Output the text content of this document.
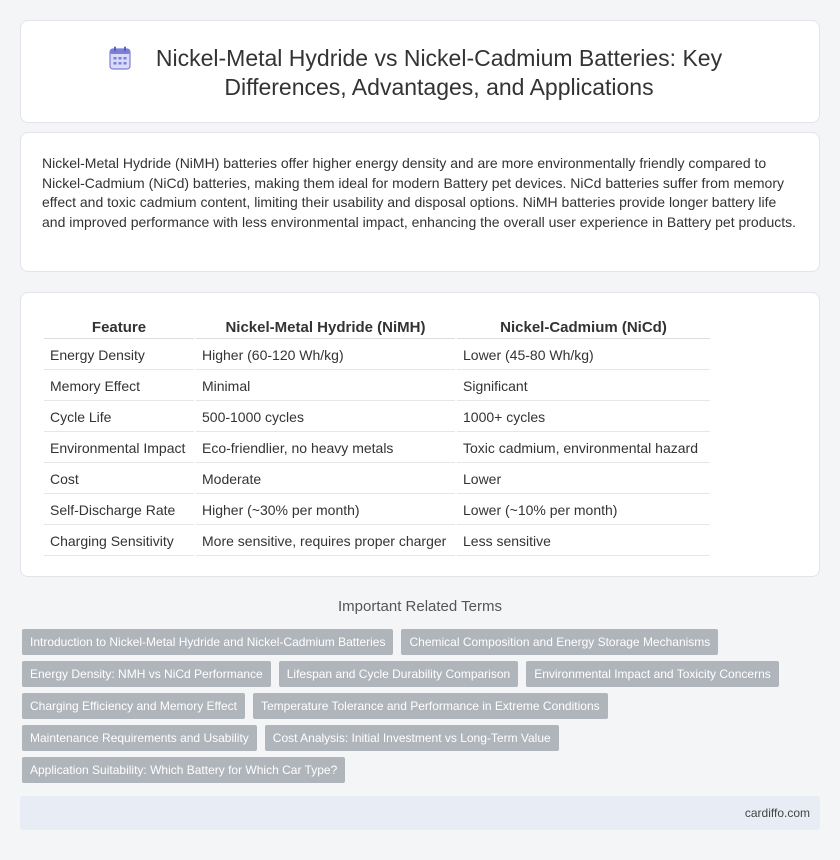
Nickel-Metal Hydride vs Nickel-Cadmium Batteries: Key Differences, Advantages, and Applications

Nickel-Metal Hydride (NiMH) batteries offer higher energy density and are more environmentally friendly compared to Nickel-Cadmium (NiCd) batteries, making them ideal for modern Battery pet devices. NiCd batteries suffer from memory effect and toxic cadmium content, limiting their usability and disposal options. NiMH batteries provide longer battery life and improved performance with less environmental impact, enhancing the overall user experience in Battery pet products.

Feature	Nickel-Metal Hydride (NiMH)	Nickel-Cadmium (NiCd)
Energy Density	Higher (60-120 Wh/kg)	Lower (45-80 Wh/kg)
Memory Effect	Minimal	Significant
Cycle Life	500-1000 cycles	1000+ cycles
Environmental Impact	Eco-friendlier, no heavy metals	Toxic cadmium, environmental hazard
Cost	Moderate	Lower
Self-Discharge Rate	Higher (~30% per month)	Lower (~10% per month)
Charging Sensitivity	More sensitive, requires proper charger	Less sensitive
Important Related Terms
Introduction to Nickel-Metal Hydride and Nickel-Cadmium Batteries	Chemical Composition and Energy Storage Mechanisms
Energy Density: NMH vs NiCd Performance	Lifespan and Cycle Durability Comparison	Environmental Impact and Toxicity Concerns
Charging Efficiency and Memory Effect	Temperature Tolerance and Performance in Extreme Conditions
Maintenance Requirements and Usability	Cost Analysis: Initial Investment vs Long-Term Value
Application Suitability: Which Battery for Which Car Type?
cardiffo.com
